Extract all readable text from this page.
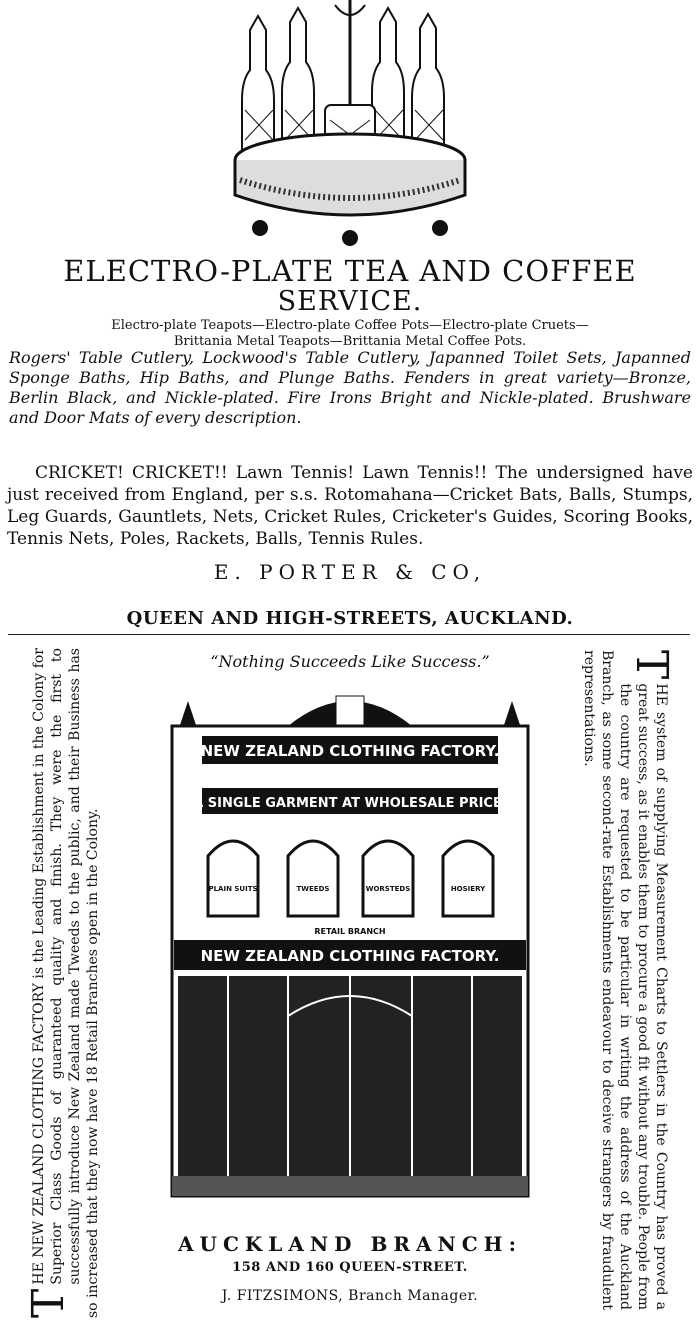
ELECTRO-PLATE TEA AND COFFEE
SERVICE.
Electro-plate Teapots—Electro-plate Coffee Pots—Electro-plate Cruets—
Brittania Metal Teapots—Brittania Metal Coffee Pots.
Rogers' Table Cutlery, Lockwood's Table Cutlery, Japanned Toilet Sets, Japanned Sponge Baths, Hip Baths, and Plunge Baths. Fenders in great variety—Bronze, Berlin Black, and Nickle-plated. Fire Irons Bright and Nickle-plated. Brushware and Door Mats of every description.
CRICKET! CRICKET!! Lawn Tennis! Lawn Tennis!! The undersigned have just received from England, per s.s. Rotomahana—Cricket Bats, Balls, Stumps, Leg Guards, Gauntlets, Nets, Cricket Rules, Cricketer's Guides, Scoring Books, Tennis Nets, Poles, Rackets, Balls, Tennis Rules.
E. PORTER & CO,
QUEEN AND HIGH-STREETS, AUCKLAND.
“Nothing Succeeds Like Success.”
NEW ZEALAND CLOTHING FACTORY.
A SINGLE GARMENT AT WHOLESALE PRICE.
PLAIN SUITS	TWEEDS	WORSTEDS	HOSIERY
RETAIL BRANCH
NEW ZEALAND CLOTHING FACTORY.
AUCKLAND BRANCH:
158 AND 160 QUEEN-STREET.
J. FITZSIMONS, Branch Manager.
T
HE NEW ZEALAND CLOTHING FACTORY is the Leading Establishment in the Colony for Superior Class Goods of guaranteed quality and finish. They were the first to successfully introduce New Zealand made Tweeds to the public, and their Business has so increased that they now have 18 Retail Branches open in the Colony.
T
HE system of supplying Measurement Charts to Settlers in the Country has proved a great success, as it enables them to procure a good fit without any trouble. People from the country are requested to be particular in writing the address of the Auckland Branch, as some second-rate Establishments endeavour to deceive strangers by fraudulent representations.
